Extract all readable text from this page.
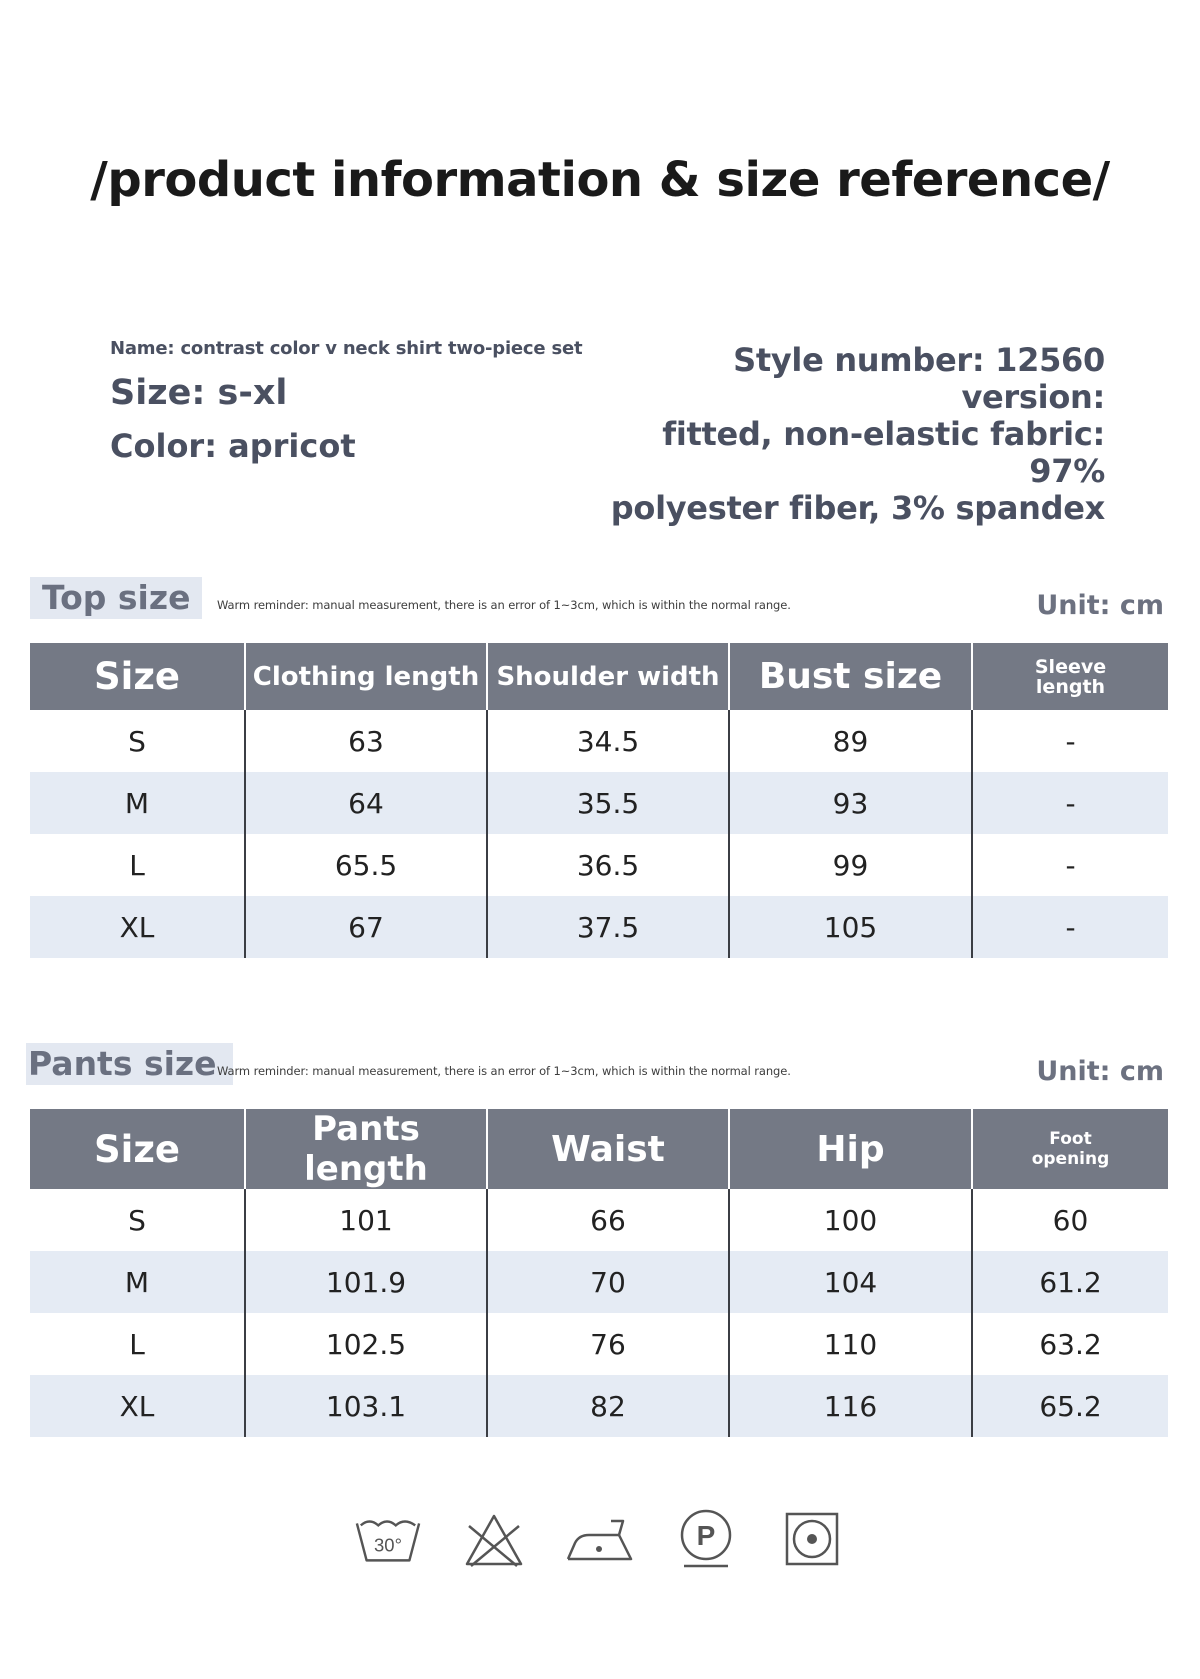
/product information & size reference/
Name: contrast color v neck shirt two-piece set
Size: s-xl
Color: apricot
Style number: 12560 version:
fitted, non-elastic fabric: 97%
polyester fiber, 3% spandex
Top size	Warm reminder: manual measurement, there is an error of 1~3cm, which is within the normal range.	Unit: cm
Size	Clothing length	Shoulder width	Bust size	Sleeve length

S	63	34.5	89	-
M	64	35.5	93	-
L	65.5	36.5	99	-
XL	67	37.5	105	-
Pants size Warm reminder: manual measurement, there is an error of 1~3cm, which is within the normal range.	Unit: cm
Size	Pants length	Waist	Hip	Foot opening

S	101	66	100	60
M	101.9	70	104	61.2
L	102.5	76	110	63.2
XL	103.1	82	116	65.2
30°	P
